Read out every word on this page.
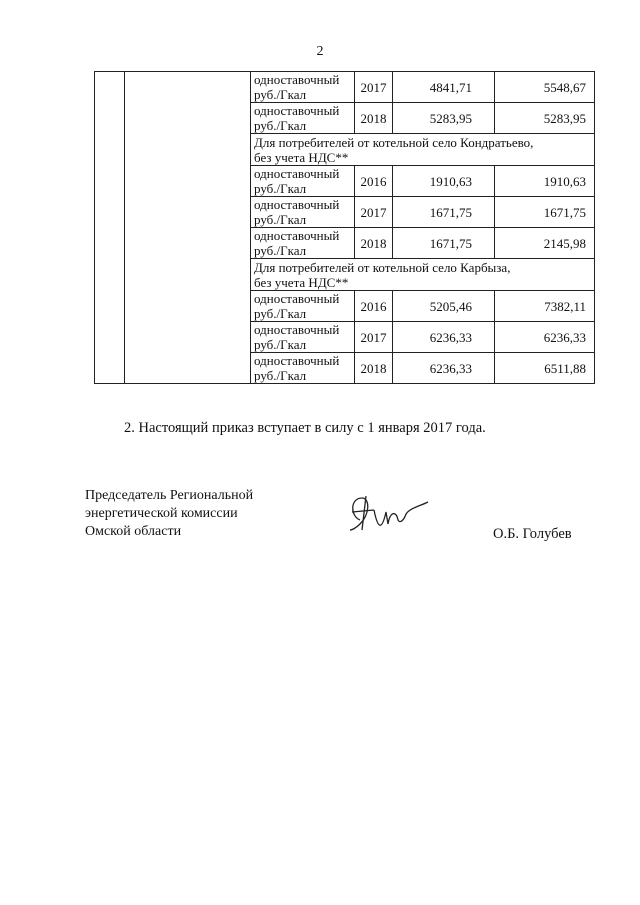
2

		одноставочный
руб./Гкал	2017	4841,71	5548,67

		одноставочный
руб./Гкал	2018	5283,95	5283,95

		Для потребителей от котельной село Кондратьево,
без учета НДС**			

		одноставочный
руб./Гкал	2016	1910,63	1910,63

		одноставочный
руб./Гкал	2017	1671,75	1671,75

		одноставочный
руб./Гкал	2018	1671,75	2145,98

		Для потребителей от котельной село Карбыза,
без учета НДС**			

		одноставочный
руб./Гкал	2016	5205,46	7382,11

		одноставочный
руб./Гкал	2017	6236,33	6236,33

		одноставочный
руб./Гкал	2018	6236,33	6511,88
2. Настоящий приказ вступает в силу с 1 января 2017 года.
Председатель Региональной
энергетической комиссии
Омской области	О.Б. Голубев
